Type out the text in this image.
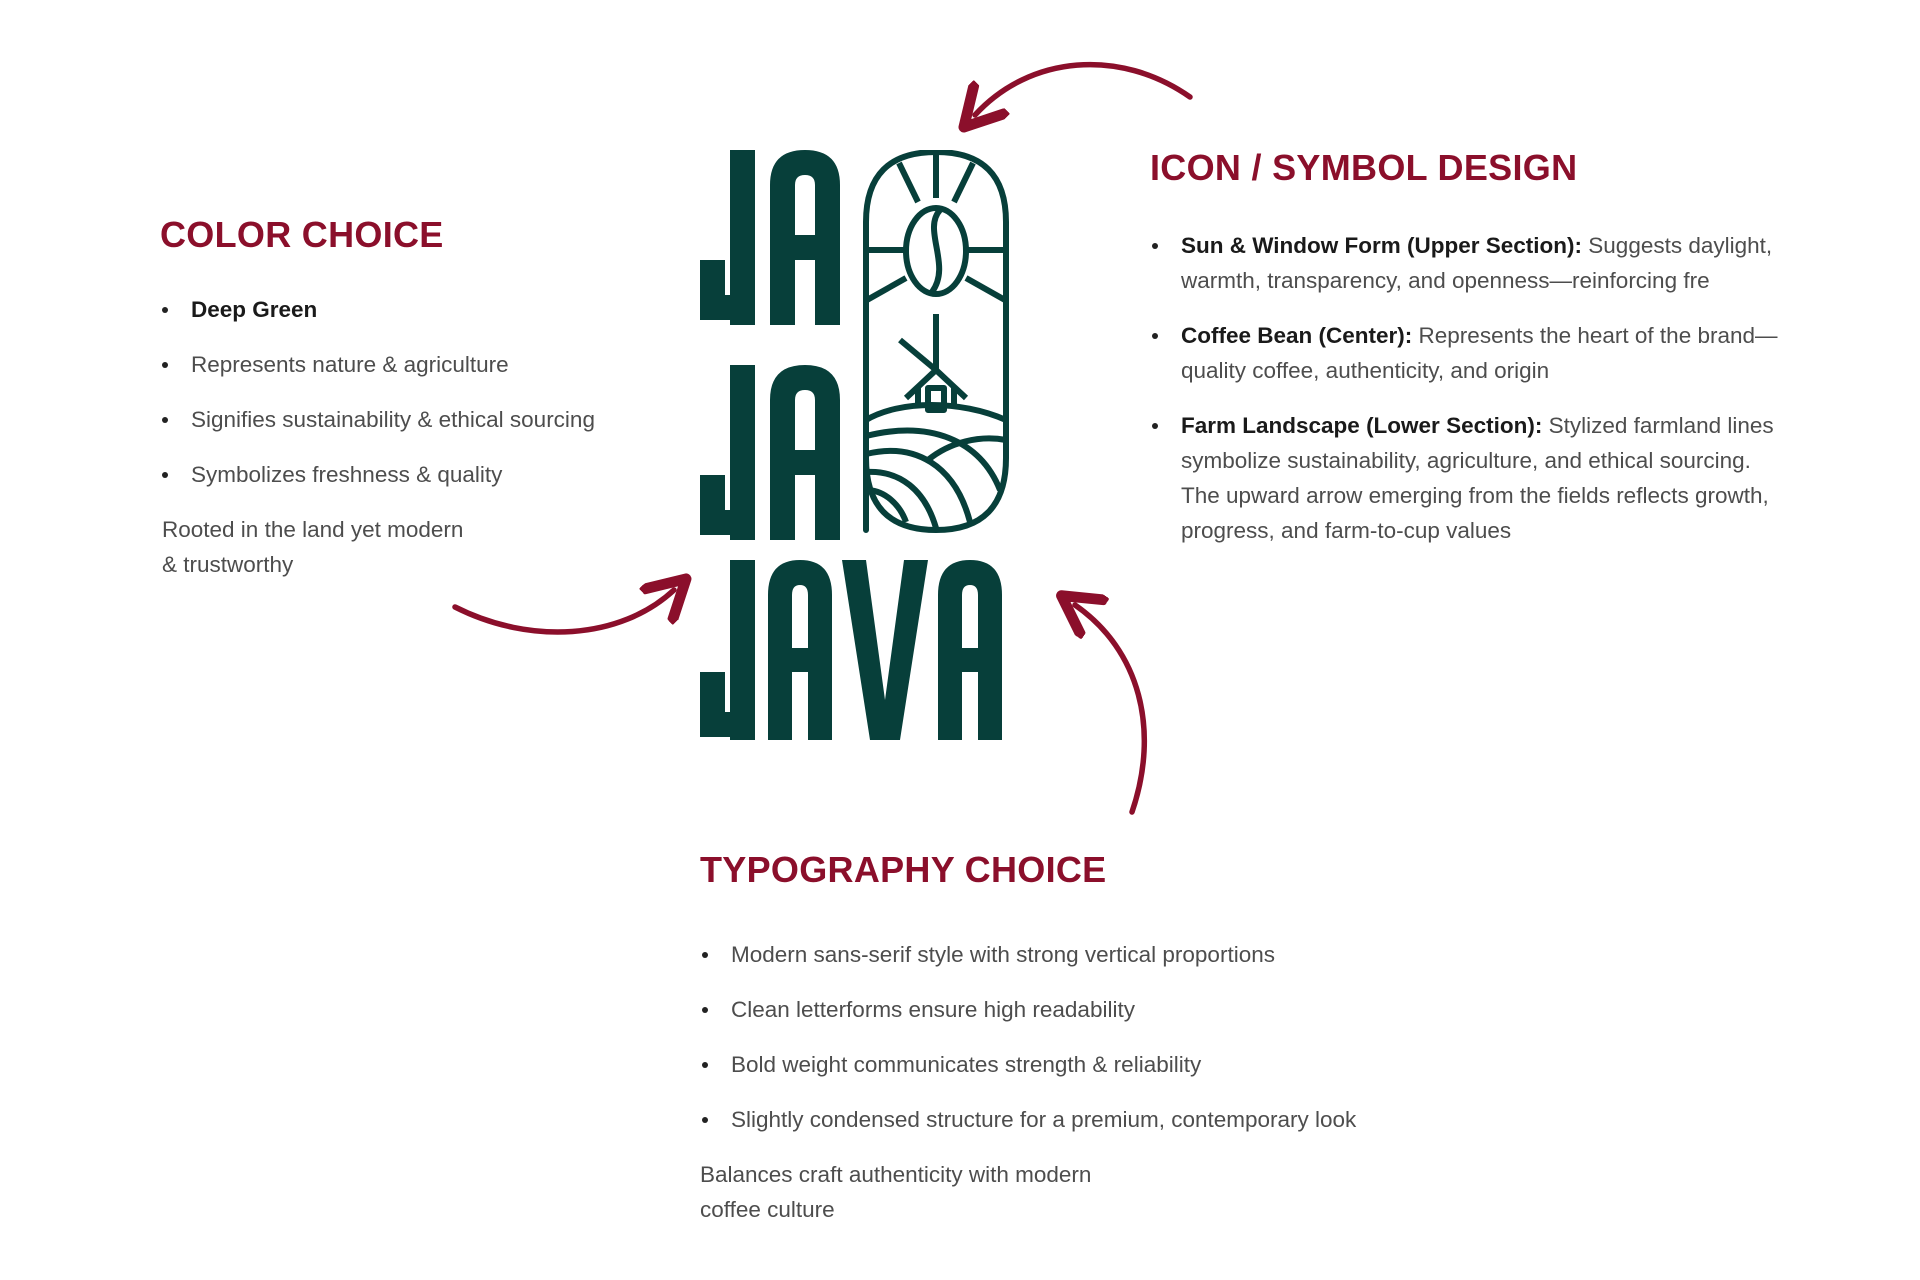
COLOR CHOICE
Deep Green
Represents nature & agriculture
Signifies sustainability & ethical sourcing
Symbolizes freshness & quality

Rooted in the land yet modern
& trustworthy

ICON / SYMBOL DESIGN
Sun & Window Form (Upper Section): Suggests daylight, warmth, transparency, and openness—reinforcing fre
Coffee Bean (Center): Represents the heart of the brand—quality coffee, authenticity, and origin
Farm Landscape (Lower Section): Stylized farmland lines symbolize sustainability, agriculture, and ethical sourcing. The upward arrow emerging from the fields reflects growth, progress, and farm-to-cup values
TYPOGRAPHY CHOICE
Modern sans-serif style with strong vertical proportions
Clean letterforms ensure high readability
Bold weight communicates strength & reliability
Slightly condensed structure for a premium, contemporary look

Balances craft authenticity with modern
coffee culture
